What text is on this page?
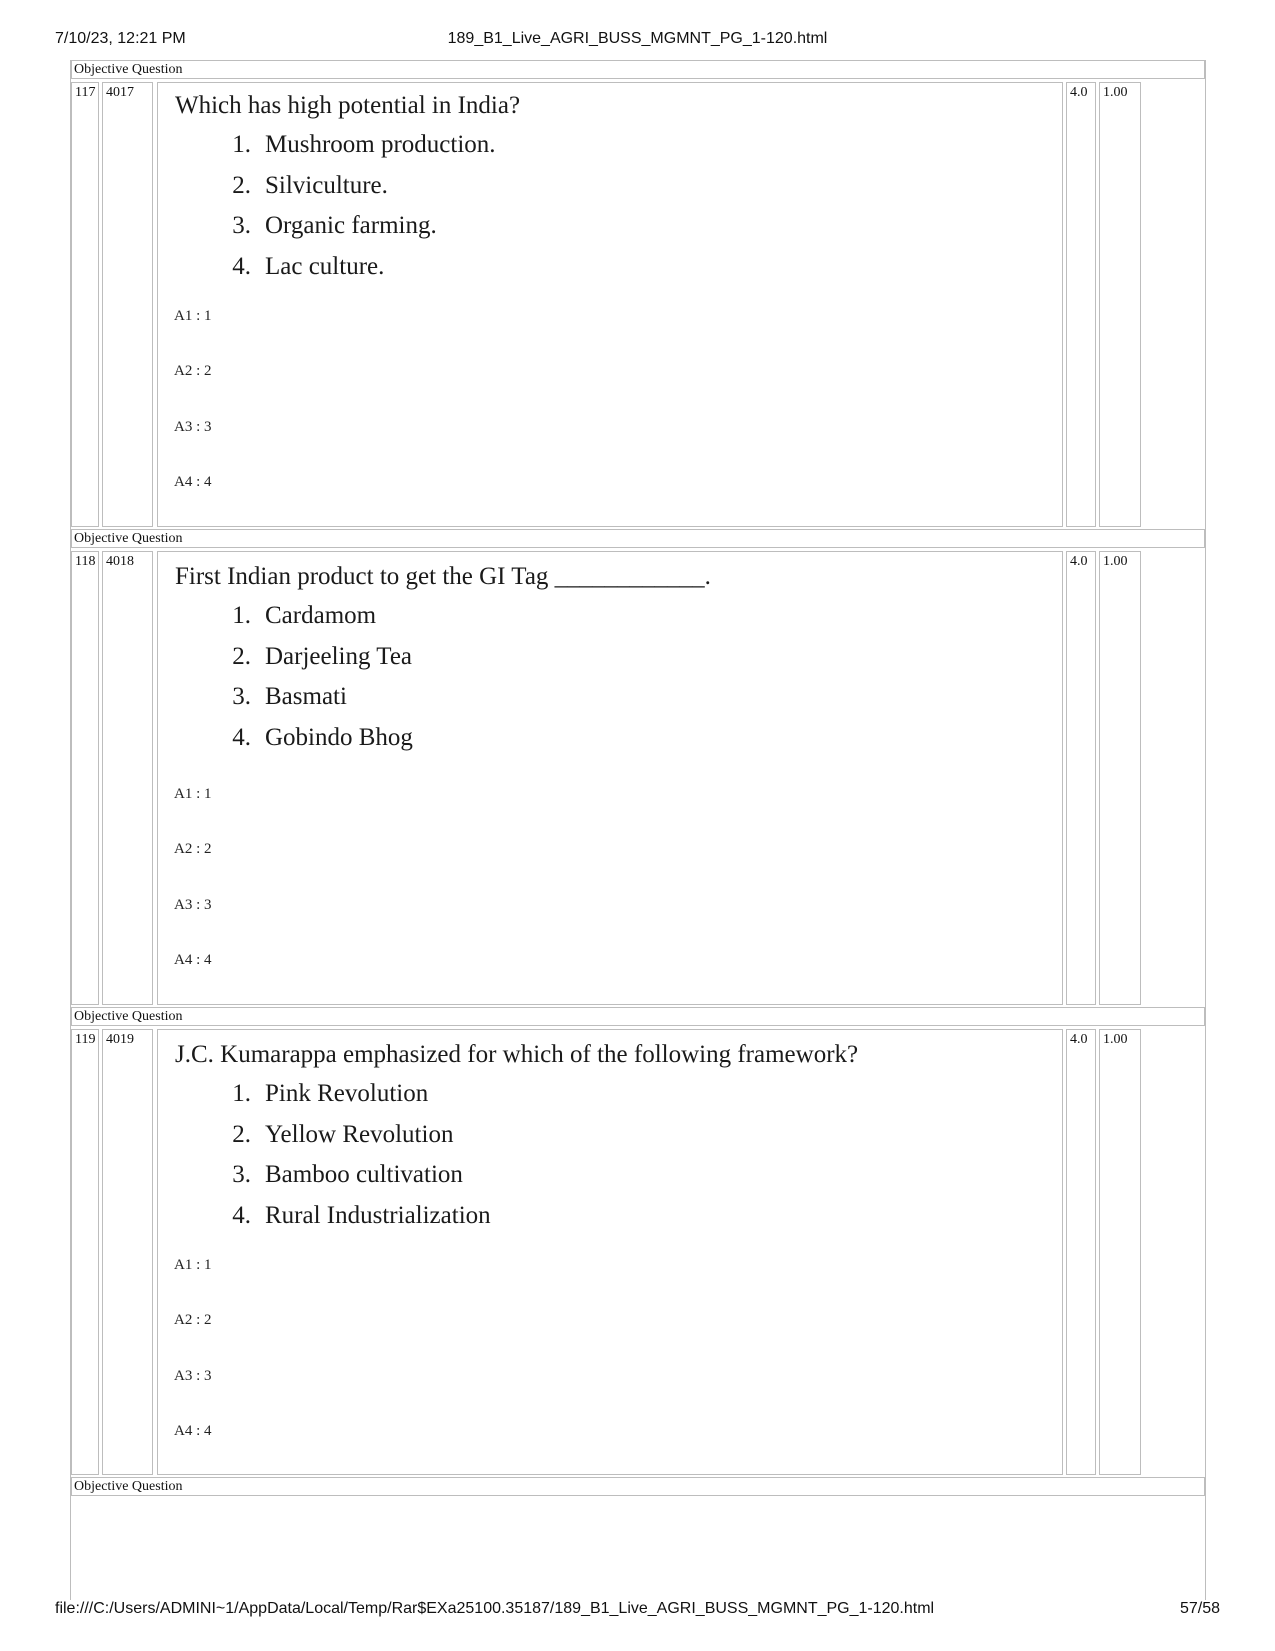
7/10/23, 12:21 PM	189_B1_Live_AGRI_BUSS_MGMNT_PG_1-120.html
Objective Question
117 4017	4.0	1.00

Which has high potential in India?

1. Mushroom production.
2. Silviculture.
3. Organic farming.
4. Lac culture.
A1 : 1
A2 : 2
A3 : 3
A4 : 4
Objective Question
118 4018	4.0	1.00

First Indian product to get the GI Tag ____________.

1. Cardamom
2. Darjeeling Tea
3. Basmati
4. Gobindo Bhog
A1 : 1
A2 : 2
A3 : 3
A4 : 4
Objective Question
119 4019	4.0	1.00

J.C. Kumarappa emphasized for which of the following framework?

1. Pink Revolution
2. Yellow Revolution
3. Bamboo cultivation
4. Rural Industrialization
A1 : 1
A2 : 2
A3 : 3
A4 : 4
Objective Question
file:///C:/Users/ADMINI~1/AppData/Local/Temp/Rar$EXa25100.35187/189_B1_Live_AGRI_BUSS_MGMNT_PG_1-120.html	57/58
